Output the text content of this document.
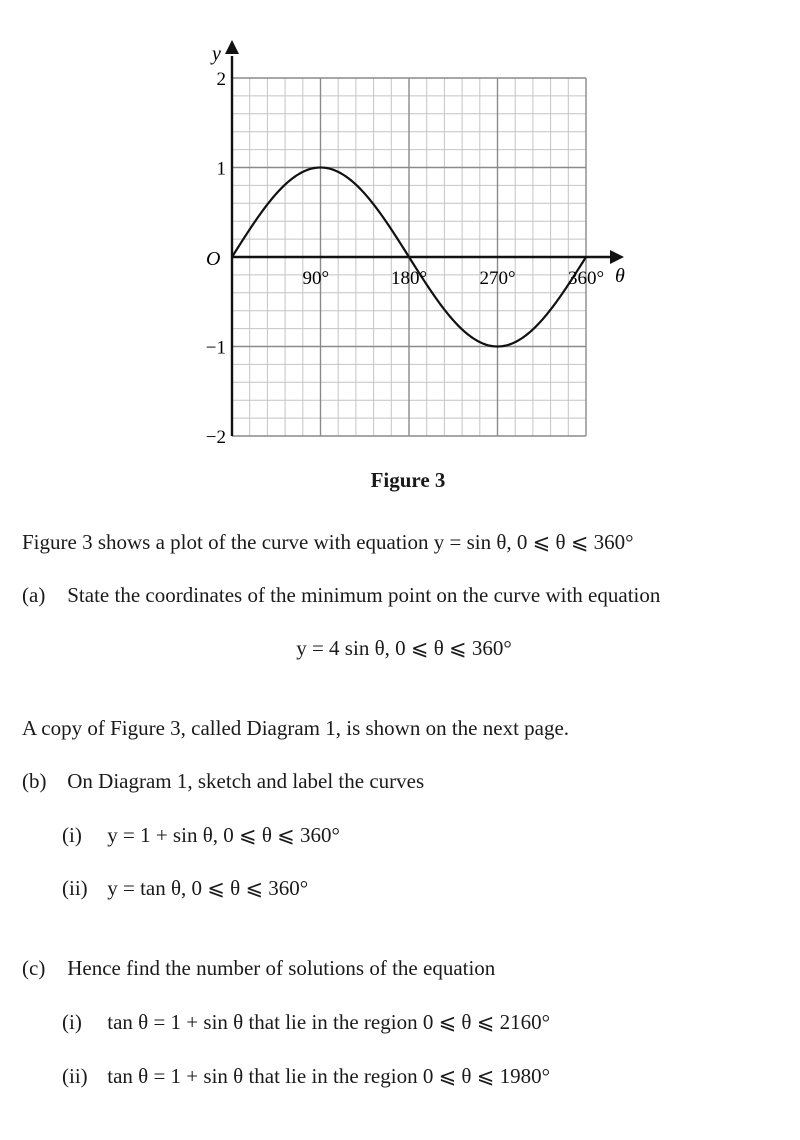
90°	180°	270°	360°
2
1
−1
−2
y
O
θ
Figure 3
Figure 3 shows a plot of the curve with equation y = sin θ, 0 ⩽ θ ⩽ 360°
(a) State the coordinates of the minimum point on the curve with equation
y = 4 sin θ, 0 ⩽ θ ⩽ 360°
A copy of Figure 3, called Diagram 1, is shown on the next page.
(b) On Diagram 1, sketch and label the curves
(i) y = 1 + sin θ, 0 ⩽ θ ⩽ 360°
(ii) y = tan θ, 0 ⩽ θ ⩽ 360°
(c) Hence find the number of solutions of the equation
(i) tan θ = 1 + sin θ that lie in the region 0 ⩽ θ ⩽ 2160°
(ii) tan θ = 1 + sin θ that lie in the region 0 ⩽ θ ⩽ 1980°
